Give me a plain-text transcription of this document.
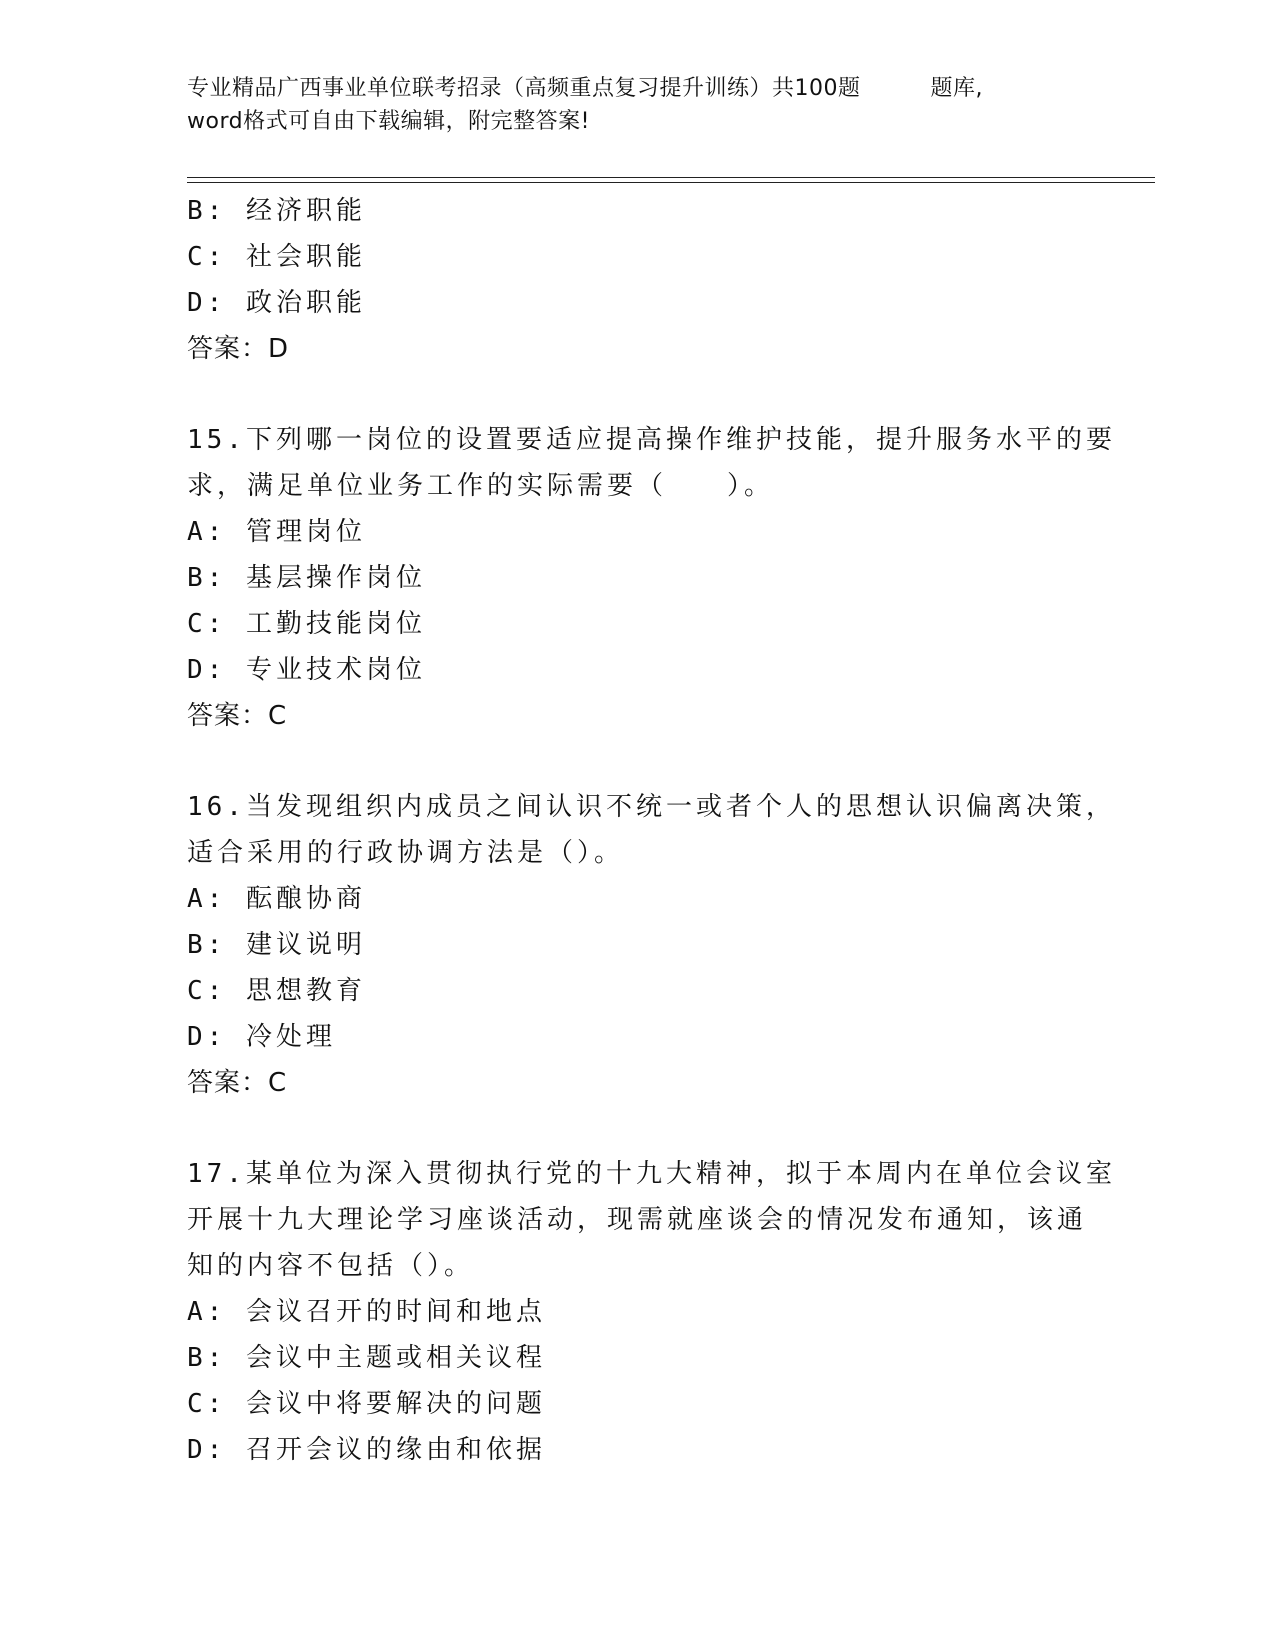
专业精品广西事业单位联考招录（高频重点复习提升训练）共100题	题库,
word格式可自由下载编辑，附完整答案!
B: 经济职能
C: 社会职能
D: 政治职能
答案：D
15.下列哪一岗位的设置要适应提高操作维护技能，提升服务水平的要
求，满足单位业务工作的实际需要（　　）。
A: 管理岗位
B: 基层操作岗位
C: 工勤技能岗位
D: 专业技术岗位
答案：C
16.当发现组织内成员之间认识不统一或者个人的思想认识偏离决策，
适合采用的行政协调方法是（）。
A: 酝酿协商
B: 建议说明
C: 思想教育
D: 冷处理
答案：C
17.某单位为深入贯彻执行党的十九大精神，拟于本周内在单位会议室
开展十九大理论学习座谈活动，现需就座谈会的情况发布通知，该通
知的内容不包括（）。
A: 会议召开的时间和地点
B: 会议中主题或相关议程
C: 会议中将要解决的问题
D: 召开会议的缘由和依据
